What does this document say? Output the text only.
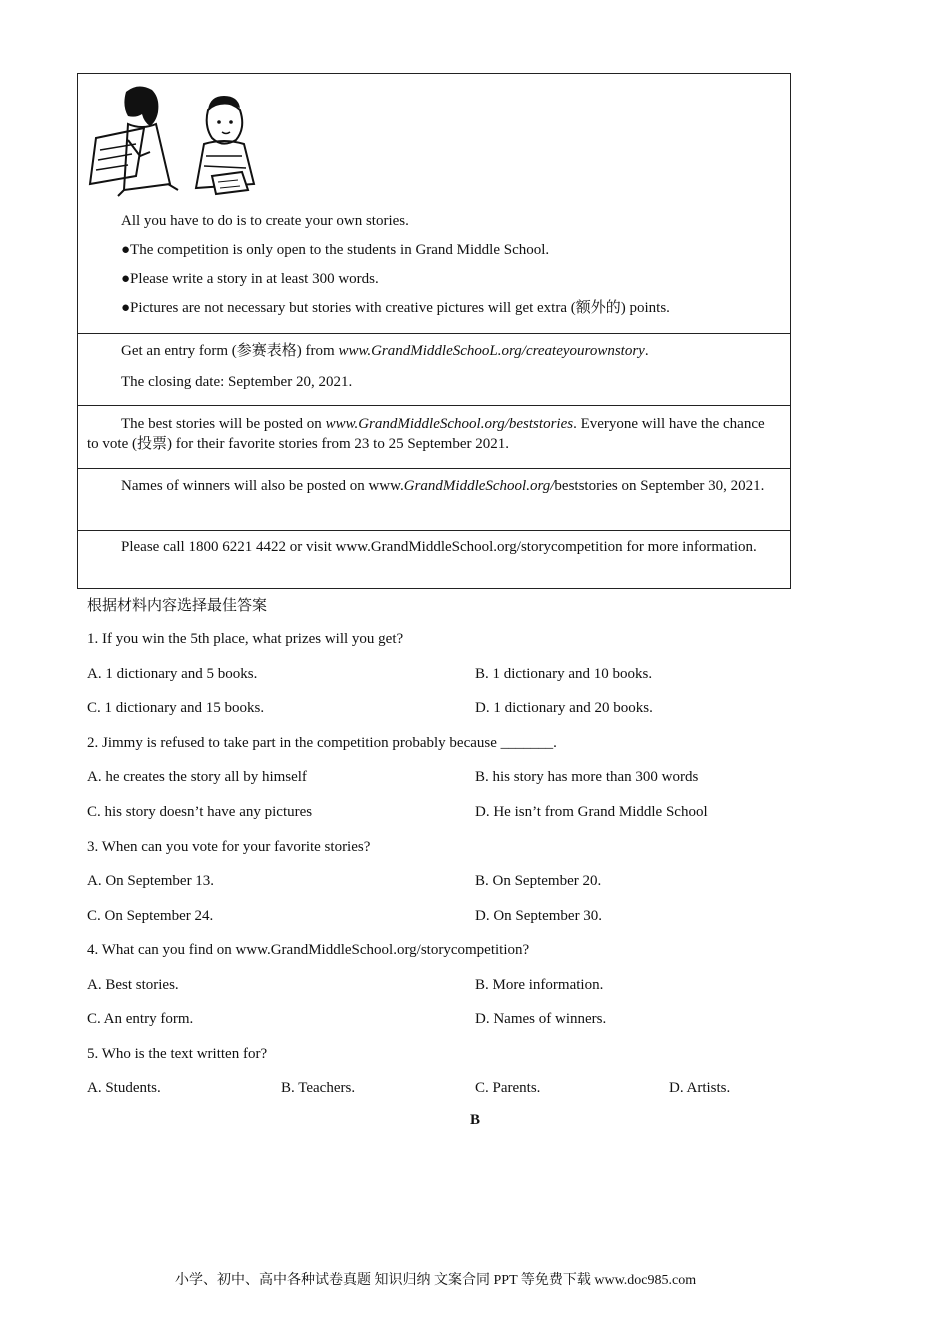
All you have to do is to create your own stories.
●The competition is only open to the students in Grand Middle School.
●Please write a story in at least 300 words.
●Pictures are not necessary but stories with creative pictures will get extra (额外的) points.
Get an entry form (参赛表格) from www.GrandMiddleSchooL.org/createyourownstory.
The closing date: September 20, 2021.
The best stories will be posted on www.GrandMiddleSchool.org/beststories. Everyone will have the chance to vote (投票) for their favorite stories from 23 to 25 September 2021.
Names of winners will also be posted on www.GrandMiddleSchool.org/beststories on September 30, 2021.
Please call 1800 6221 4422 or visit www.GrandMiddleSchool.org/storycompetition for more information.
根据材料内容选择最佳答案
1. If you win the 5th place, what prizes will you get?
A. 1 dictionary and 5 books.	B. 1 dictionary and 10 books.
C. 1 dictionary and 15 books.	D. 1 dictionary and 20 books.
2. Jimmy is refused to take part in the competition probably because _______.
A. he creates the story all by himself	B. his story has more than 300 words
C. his story doesn’t have any pictures	D. He isn’t from Grand Middle School
3. When can you vote for your favorite stories?
A. On September 13.	B. On September 20.
C. On September 24.	D. On September 30.
4. What can you find on www.GrandMiddleSchool.org/storycompetition?
A. Best stories.	B. More information.
C. An entry form.	D. Names of winners.
5. Who is the text written for?
A. Students.	B. Teachers.	C. Parents.	D. Artists.
B
小学、初中、高中各种试卷真题 知识归纳 文案合同 PPT 等免费下载 www.doc985.com
